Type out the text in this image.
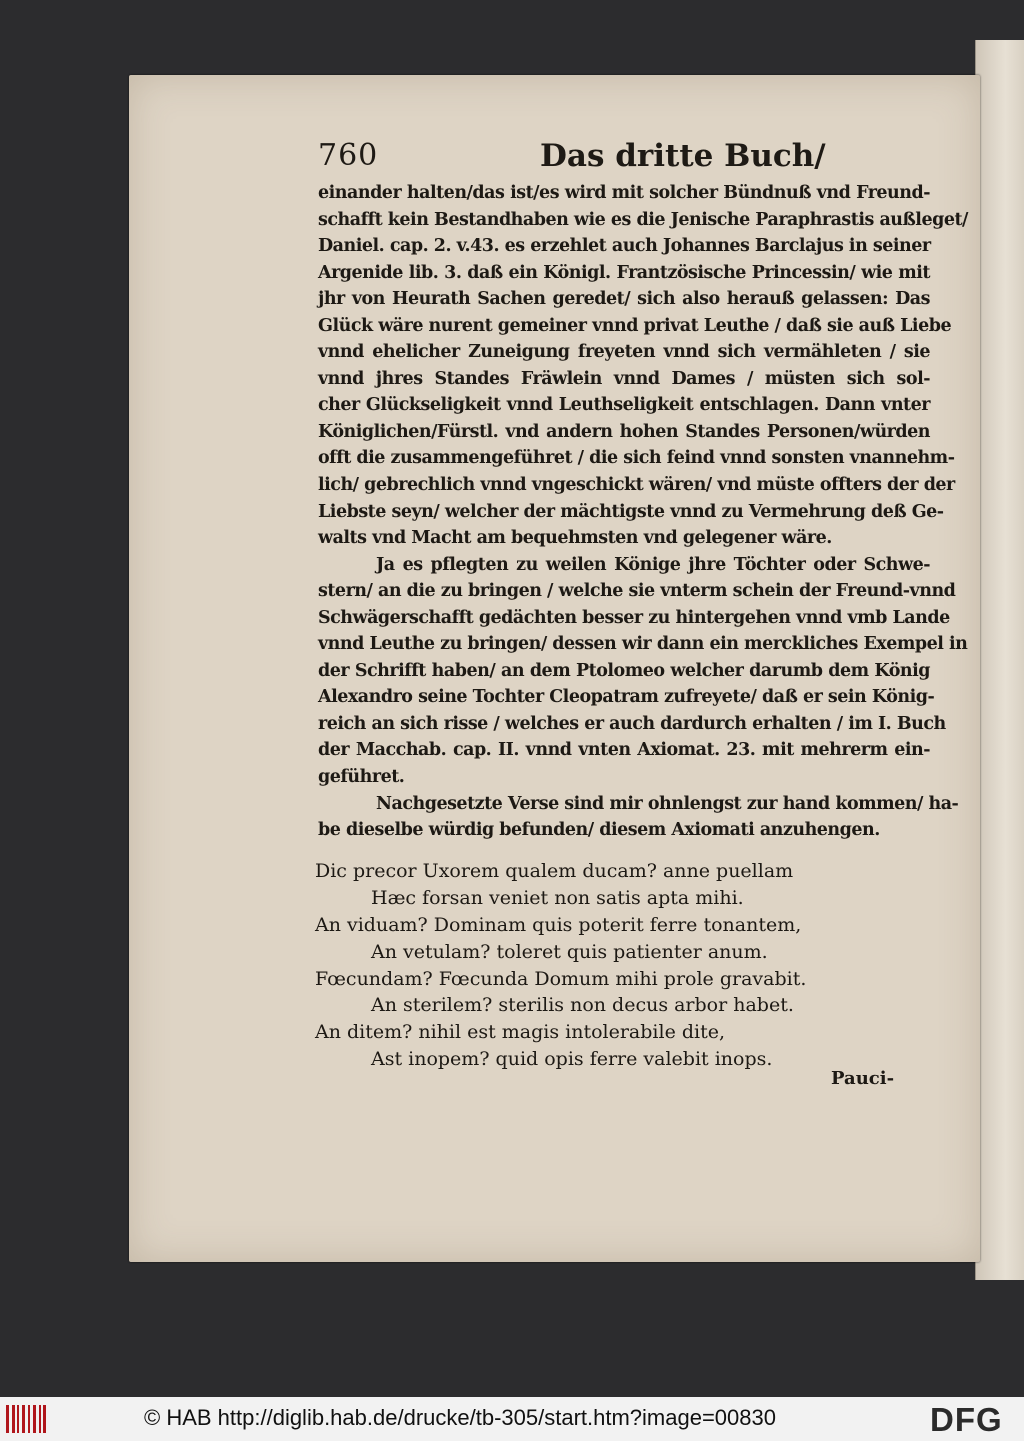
760	Das dritte Buch/
einander halten/das ist/es wird mit solcher Bündnuß vnd Freund-
schafft kein Bestandhaben wie es die Jenische Paraphrastis außleget/
Daniel. cap. 2. v.43. es erzehlet auch Johannes Barclajus in seiner
Argenide lib. 3. daß ein Königl. Frantzösische Princessin/ wie mit
jhr von Heurath Sachen geredet/ sich also herauß gelassen: Das
Glück wäre nurent gemeiner vnnd privat Leuthe / daß sie auß Liebe
vnnd ehelicher Zuneigung freyeten vnnd sich vermähleten / sie
vnnd jhres Standes Fräwlein vnnd Dames / müsten sich sol-
cher Glückseligkeit vnnd Leuthseligkeit entschlagen. Dann vnter
Königlichen/Fürstl. vnd andern hohen Standes Personen/würden
offt die zusammengeführet / die sich feind vnnd sonsten vnannehm-
lich/ gebrechlich vnnd vngeschickt wären/ vnd müste offters der der
Liebste seyn/ welcher der mächtigste vnnd zu Vermehrung deß Ge-
walts vnd Macht am bequehmsten vnd gelegener wäre.
Ja es pflegten zu weilen Könige jhre Töchter oder Schwe-
stern/ an die zu bringen / welche sie vnterm schein der Freund-vnnd
Schwägerschafft gedächten besser zu hintergehen vnnd vmb Lande
vnnd Leuthe zu bringen/ dessen wir dann ein merckliches Exempel in
der Schrifft haben/ an dem Ptolomeo welcher darumb dem König
Alexandro seine Tochter Cleopatram zufreyete/ daß er sein König-
reich an sich risse / welches er auch dardurch erhalten / im I. Buch
der Macchab. cap. II. vnnd vnten Axiomat. 23. mit mehrerm ein-
geführet.
Nachgesetzte Verse sind mir ohnlengst zur hand kommen/ ha-
be dieselbe würdig befunden/ diesem Axiomati anzuhengen.
Dic precor Uxorem qualem ducam? anne puellam
Hæc forsan veniet non satis apta mihi.
An viduam? Dominam quis poterit ferre tonantem,
An vetulam? toleret quis patienter anum.
Fœcundam? Fœcunda Domum mihi prole gravabit.
An sterilem? sterilis non decus arbor habet.
An ditem? nihil est magis intolerabile dite,
Ast inopem? quid opis ferre valebit inops.
Pauci-
© HAB http://diglib.hab.de/drucke/tb-305/start.htm?image=00830	DFG
